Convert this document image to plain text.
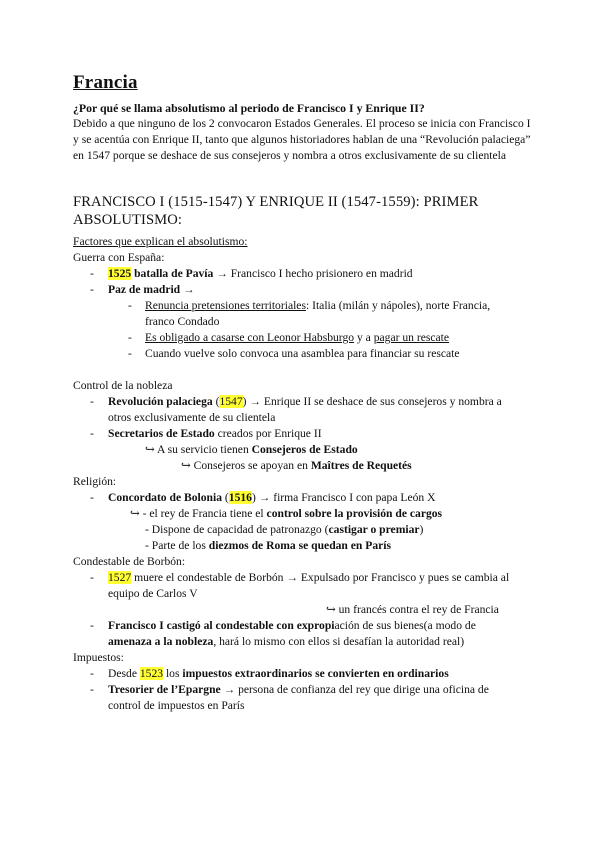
Francia
¿Por qué se llama absolutismo al periodo de Francisco I y Enrique II?
Debido a que ninguno de los 2 convocaron Estados Generales. El proceso se inicia con Francisco I y se acentúa con Enrique II, tanto que algunos historiadores hablan de una “Revolución palaciega” en 1547 porque se deshace de sus consejeros y nombra a otros exclusivamente de su clientela
FRANCISCO I (1515-1547) Y ENRIQUE II (1547-1559): PRIMER ABSOLUTISMO:
Factores que explican el absolutismo:
Guerra con España:
- 1525 batalla de Pavía → Francisco I hecho prisionero en madrid
- Paz de madrid →
- Renuncia pretensiones territoriales: Italia (milán y nápoles), norte Francia,
franco Condado
- Es obligado a casarse con Leonor Habsburgo y a pagar un rescate
- Cuando vuelve solo convoca una asamblea para financiar su rescate
Control de la nobleza
- Revolución palaciega (1547) → Enrique II se deshace de sus consejeros y nombra a
otros exclusivamente de su clientela
- Secretarios de Estado creados por Enrique II
↪ A su servicio tienen Consejeros de Estado
↪ Consejeros se apoyan en Maîtres de Requetés
Religión:
- Concordato de Bolonia (1516) → firma Francisco I con papa León X
↪ - el rey de Francia tiene el control sobre la provisión de cargos
- Dispone de capacidad de patronazgo (castigar o premiar)
- Parte de los diezmos de Roma se quedan en París
Condestable de Borbón:
- 1527 muere el condestable de Borbón → Expulsado por Francisco y pues se cambia al
equipo de Carlos V
↪ un francés contra el rey de Francia
- Francisco I castigó al condestable con expropiación de sus bienes(a modo de
amenaza a la nobleza, hará lo mismo con ellos si desafían la autoridad real)
Impuestos:
- Desde 1523 los impuestos extraordinarios se convierten en ordinarios
- Tresorier de l’Epargne → persona de confianza del rey que dirige una oficina de
control de impuestos en París
